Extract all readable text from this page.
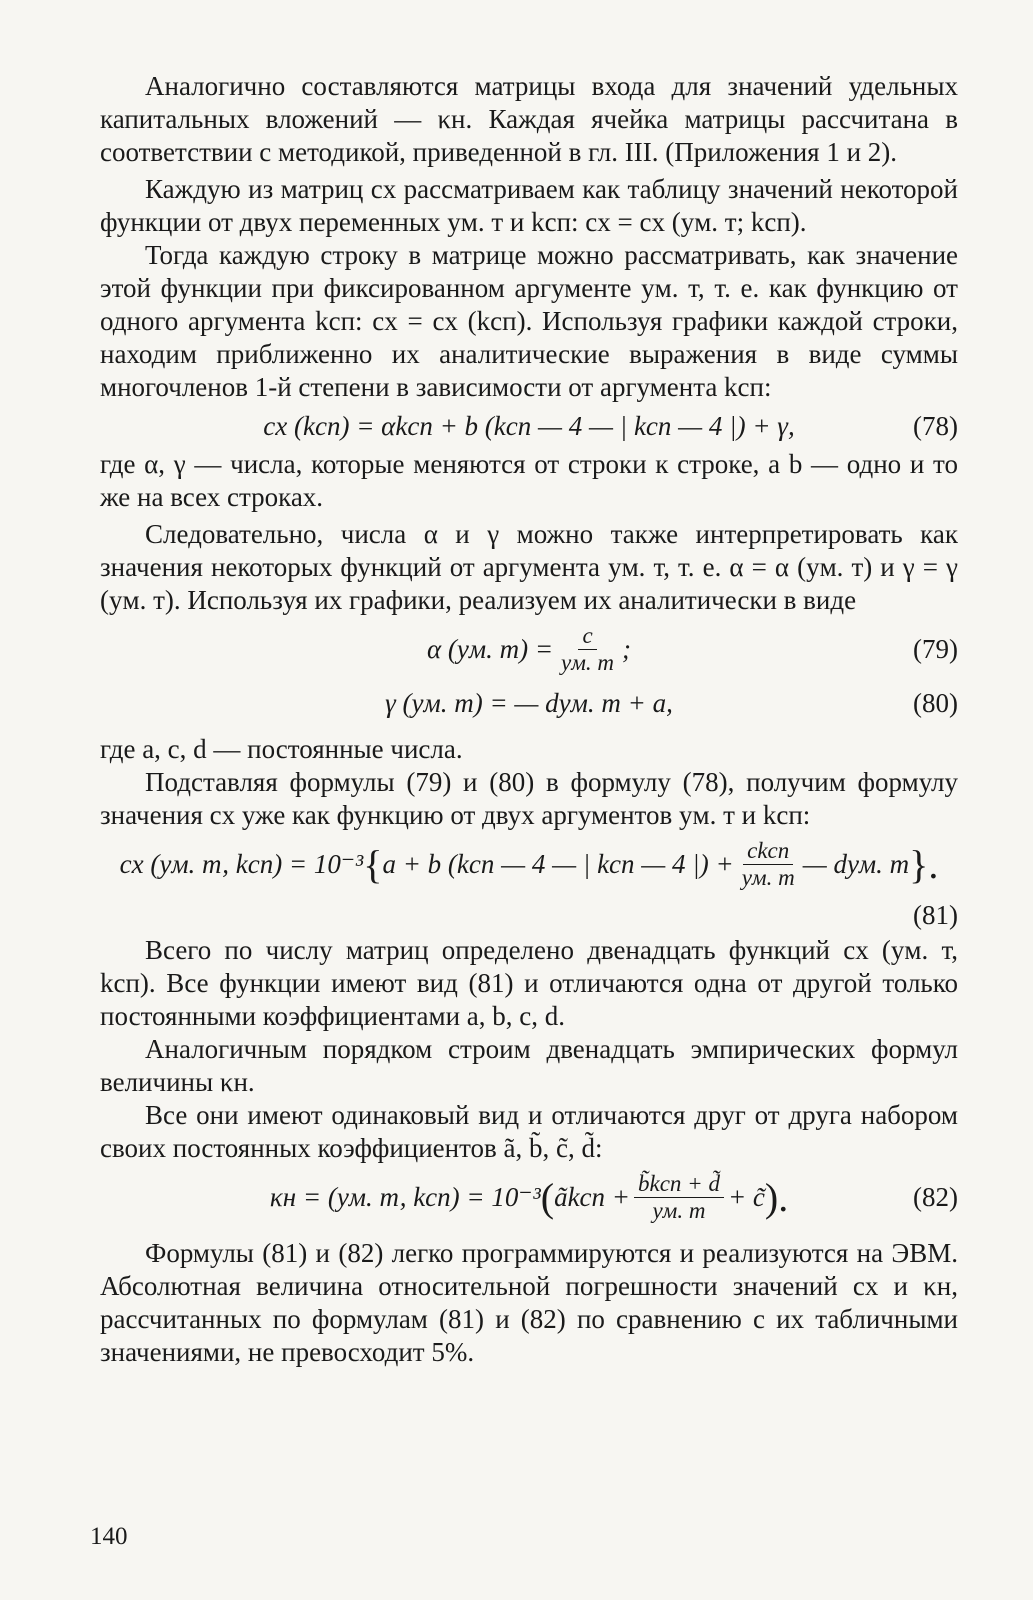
Аналогично составляются матрицы входа для значений удельных капитальных вложений — κн. Каждая ячейка матрицы рассчитана в соответствии с методикой, приведенной в гл. III. (Приложения 1 и 2).

Каждую из матриц cx рассматриваем как таблицу значений некоторой функции от двух переменных yм. т и kсп: cx = cx (yм. т; kсп).

Тогда каждую строку в матрице можно рассматривать, как значение этой функции при фиксированном аргументе yм. т, т. е. как функцию от одного аргумента kсп: cx = cx (kсп). Используя графики каждой строки, находим приближенно их аналитические выражения в виде суммы многочленов 1-й степени в зависимости от аргумента kсп:

cx (kсп) = αkсп + b (kсп — 4 — | kсп — 4 |) + γ,	(78)

где α, γ — числа, которые меняются от строки к строке, а b — одно и то же на всех строках.

Следовательно, числа α и γ можно также интерпретировать как значения некоторых функций от аргумента yм. т, т. е. α = α (yм. т) и γ = γ (yм. т). Используя их графики, реализуем их аналитически в виде

α (yм. $т) = \frac{c}{yм. т}$ ;	(79)
γ (yм. т) = — dyм. т + a,	(80)

где a, c, d — постоянные числа.

Подставляя формулы (79) и (80) в формулу (78), получим формулу значения cx уже как функцию от двух аргументов yм. т и kсп:

cx (yм. т, kсп) = 10⁻³ { a + b (kсп — 4 — | kсп — 4 |) + $\frac{\text{ckсп}}{yм. т}$ — dyм. т }.
(81)

Всего по числу матриц определено двенадцать функций cx (yм. т, kсп). Все функции имеют вид (81) и отличаются одна от другой только постоянными коэффициентами a, b, c, d.

Аналогичным порядком строим двенадцать эмпирических формул величины κн.

Все они имеют одинаковый вид и отличаются друг от друга набором своих постоянных коэффициентов ã, b̃, c̃, d̃:

κн = (yм. т, kсп) = 10⁻³ ( ãkсп + $\frac{\text{b̃kсп + d̃}}{yм. т}$ + c̃ ).	(82)

Формулы (81) и (82) легко программируются и реализуются на ЭВМ. Абсолютная величина относительной погрешности значений cx и κн, рассчитанных по формулам (81) и (82) по сравнению с их табличными значениями, не превосходит 5%.

140
